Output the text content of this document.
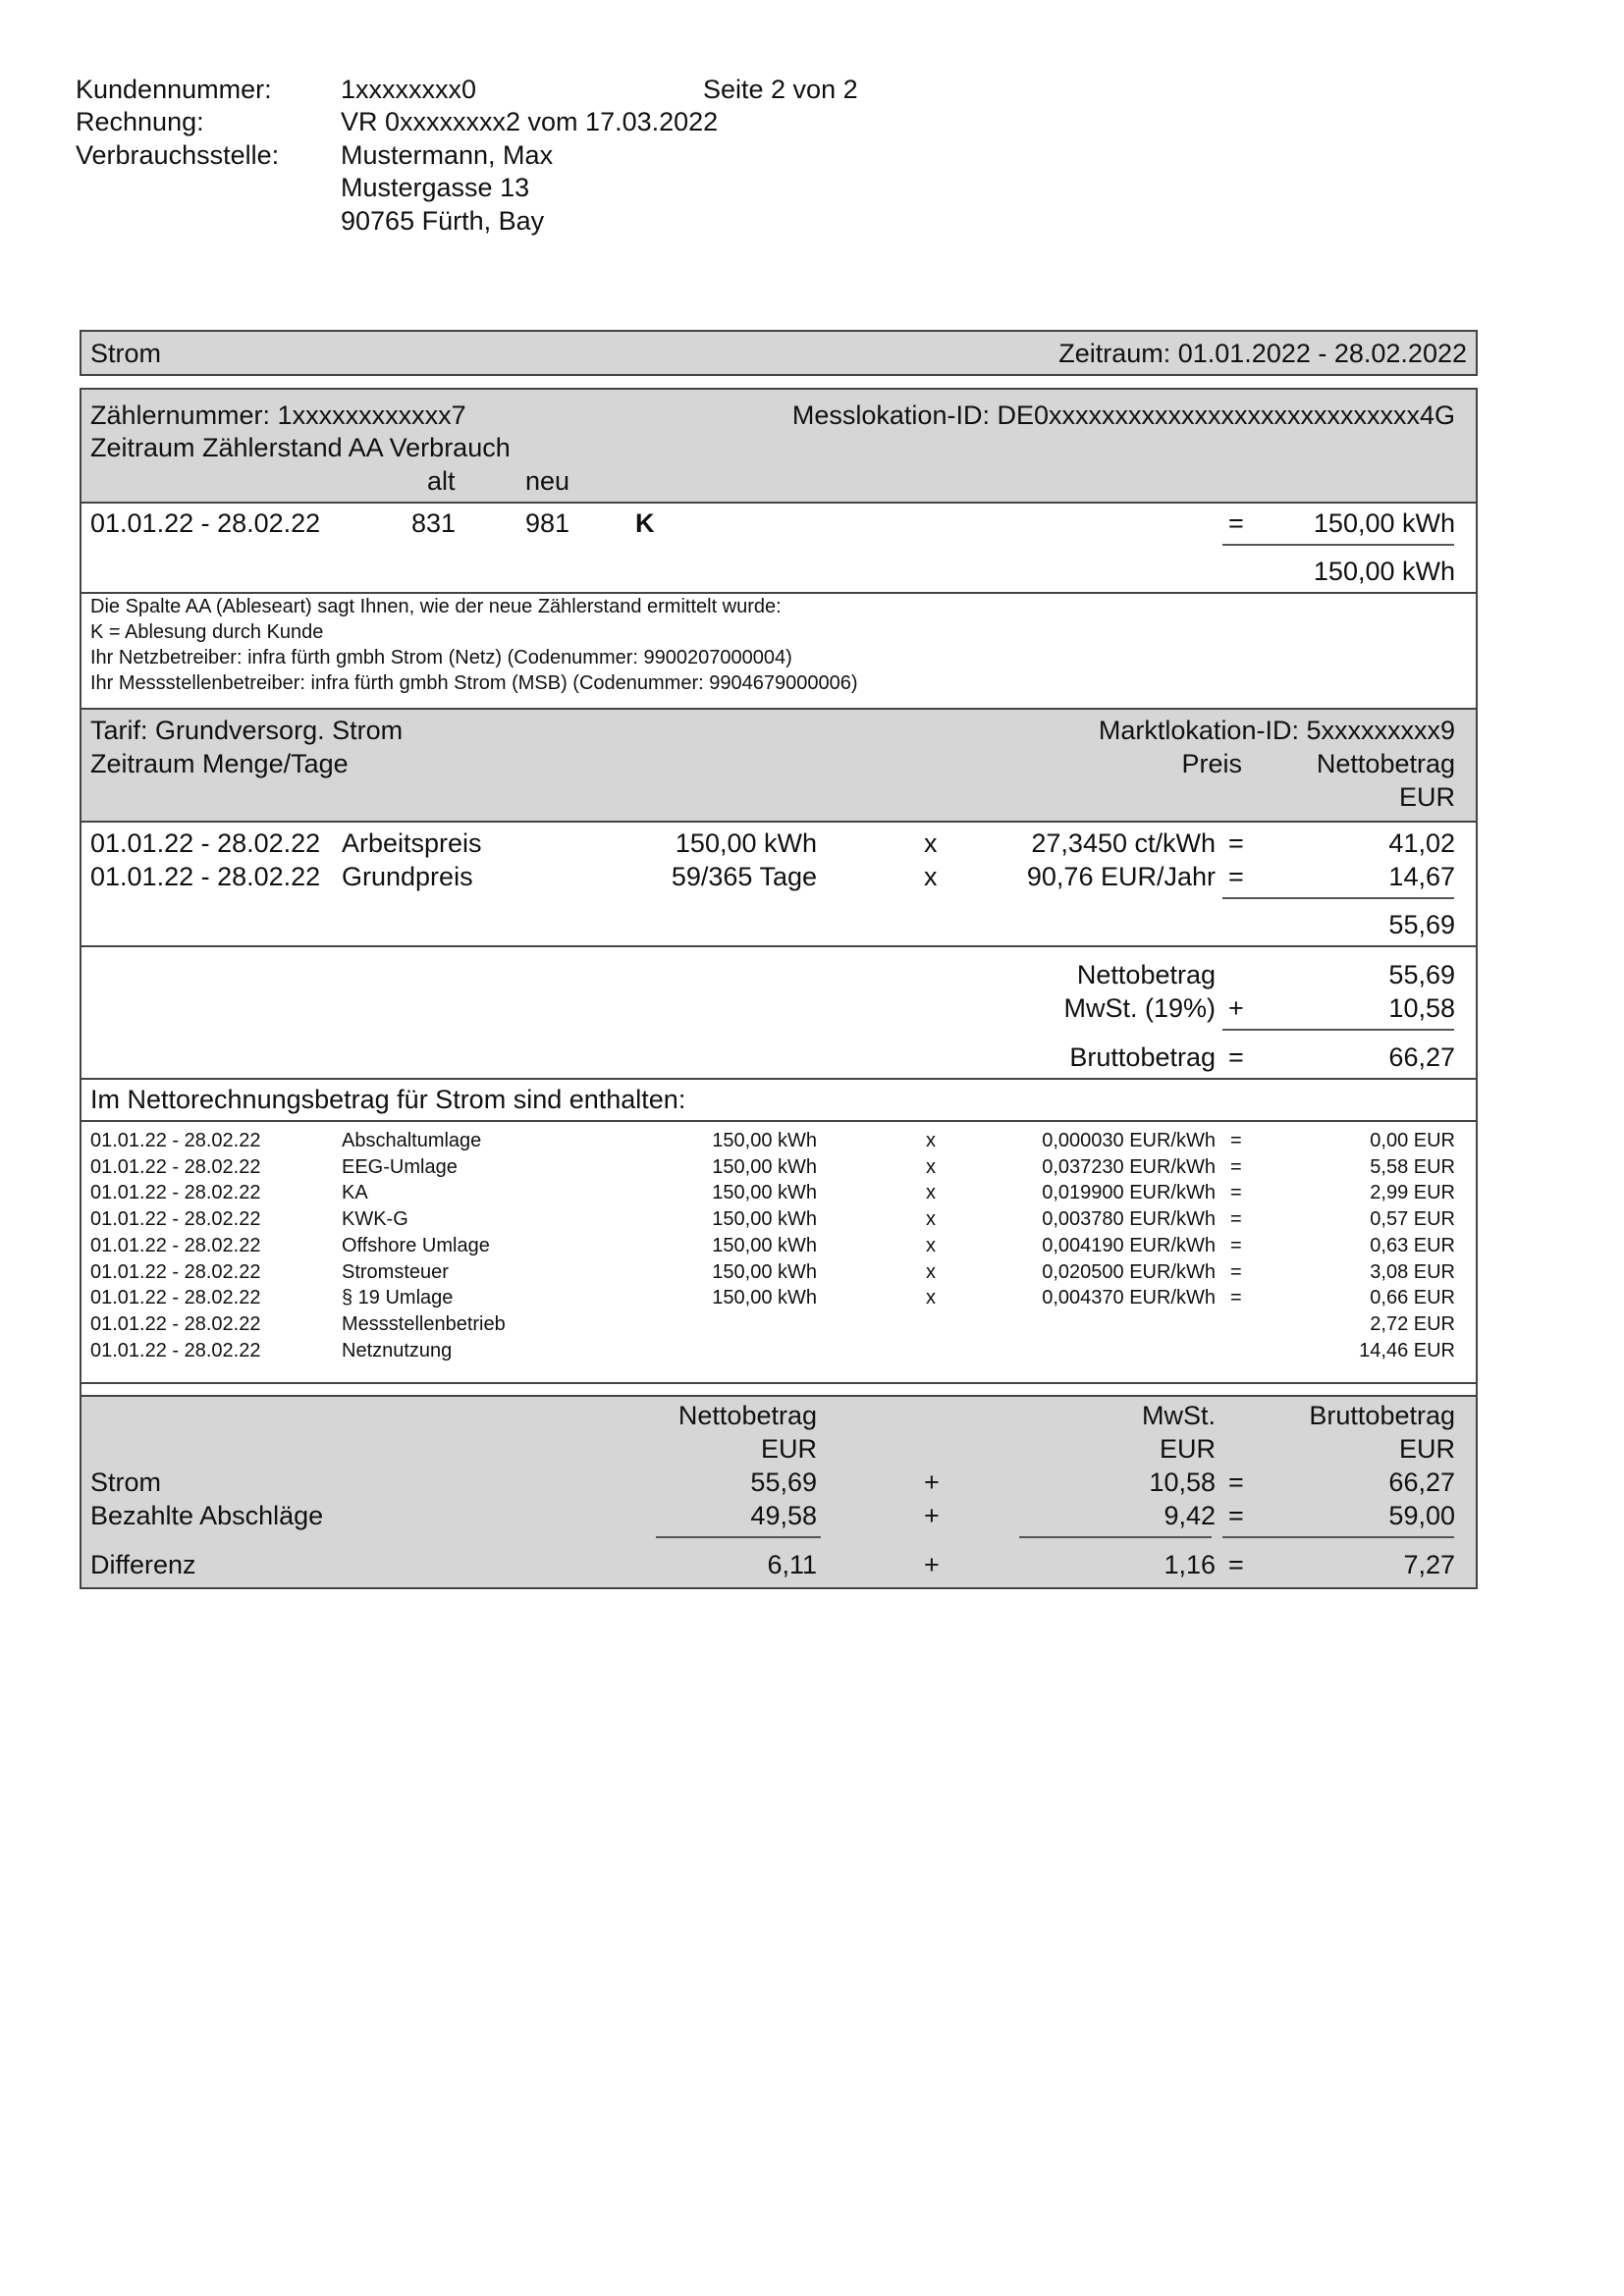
Kundennummer:	1xxxxxxxx0	Seite 2 von 2
Rechnung:	VR 0xxxxxxxx2 vom 17.03.2022
Verbrauchsstelle: Mustermann, Max
Mustergasse 13
90765 Fürth, Bay
Strom	Zeitraum: 01.01.2022 - 28.02.2022
Zählernummer: 1xxxxxxxxxxxx7	Messlokation-ID: DE0xxxxxxxxxxxxxxxxxxxxxxxxxxxx4G
Zeitraum Zählerstand AA Verbrauch
alt	neu
01.01.22 - 28.02.22	831	981 K	=	150,00 kWh
150,00 kWh
Die Spalte AA (Ableseart) sagt Ihnen, wie der neue Zählerstand ermittelt wurde:
K = Ablesung durch Kunde
Ihr Netzbetreiber: infra fürth gmbh Strom (Netz) (Codenummer: 9900207000004)
Ihr Messstellenbetreiber: infra fürth gmbh Strom (MSB) (Codenummer: 9904679000006)
Tarif: Grundversorg. Strom	Marktlokation-ID: 5xxxxxxxxx9
Zeitraum Menge/Tage	Preis	Nettobetrag
EUR
01.01.22 - 28.02.22 Arbeitspreis	150,00 kWh	x	27,3450 ct/kWh =	41,02
01.01.22 - 28.02.22 Grundpreis	59/365 Tage	x	90,76 EUR/Jahr =	14,67
55,69
Nettobetrag	55,69
MwSt. (19%) +	10,58
Bruttobetrag =	66,27
Im Nettorechnungsbetrag für Strom sind enthalten:
01.01.22 - 28.02.22	Abschaltumlage	150,00 kWh	x	0,000030 EUR/kWh =	0,00 EUR
01.01.22 - 28.02.22	EEG-Umlage	150,00 kWh	x	0,037230 EUR/kWh =	5,58 EUR
01.01.22 - 28.02.22	KA	150,00 kWh	x	0,019900 EUR/kWh =	2,99 EUR
01.01.22 - 28.02.22	KWK-G	150,00 kWh	x	0,003780 EUR/kWh =	0,57 EUR
01.01.22 - 28.02.22	Offshore Umlage	150,00 kWh	x	0,004190 EUR/kWh =	0,63 EUR
01.01.22 - 28.02.22	Stromsteuer	150,00 kWh	x	0,020500 EUR/kWh =	3,08 EUR
01.01.22 - 28.02.22	§ 19 Umlage	150,00 kWh	x	0,004370 EUR/kWh =	0,66 EUR
01.01.22 - 28.02.22	Messstellenbetrieb	2,72 EUR
01.01.22 - 28.02.22	Netznutzung	14,46 EUR
Nettobetrag	MwSt.	Bruttobetrag
EUR	EUR	EUR
Strom	55,69	+	10,58 =	66,27
Bezahlte Abschläge	49,58	+	9,42 =	59,00
Differenz	6,11	+	1,16 =	7,27
